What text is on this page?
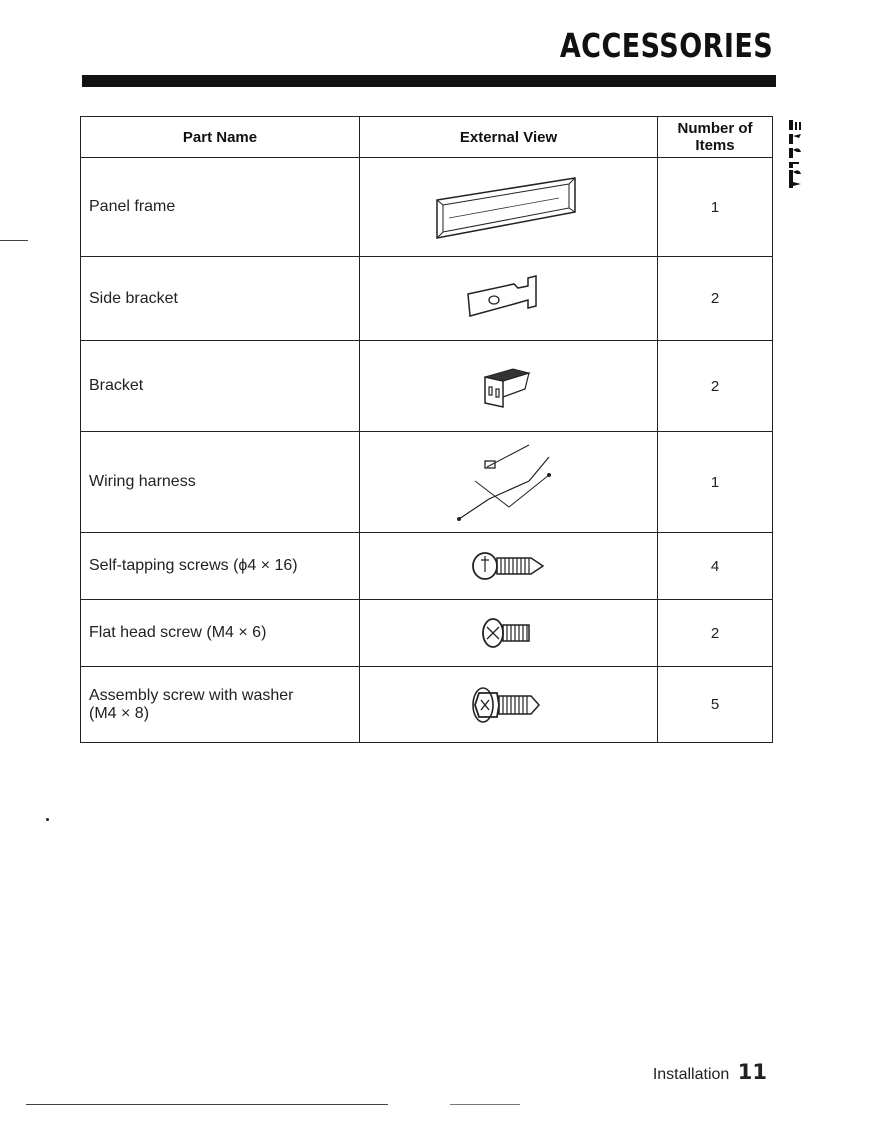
ACCESSORIES
Part Name	External View	Number of
Items
Panel frame		1
Side bracket		2
Bracket		2
Wiring harness		1
Self-tapping screws (ϕ4 × 16)		4
Flat head screw (M4 × 6)		2
Assembly screw with washer
(M4 × 8)		5
Installation 11
